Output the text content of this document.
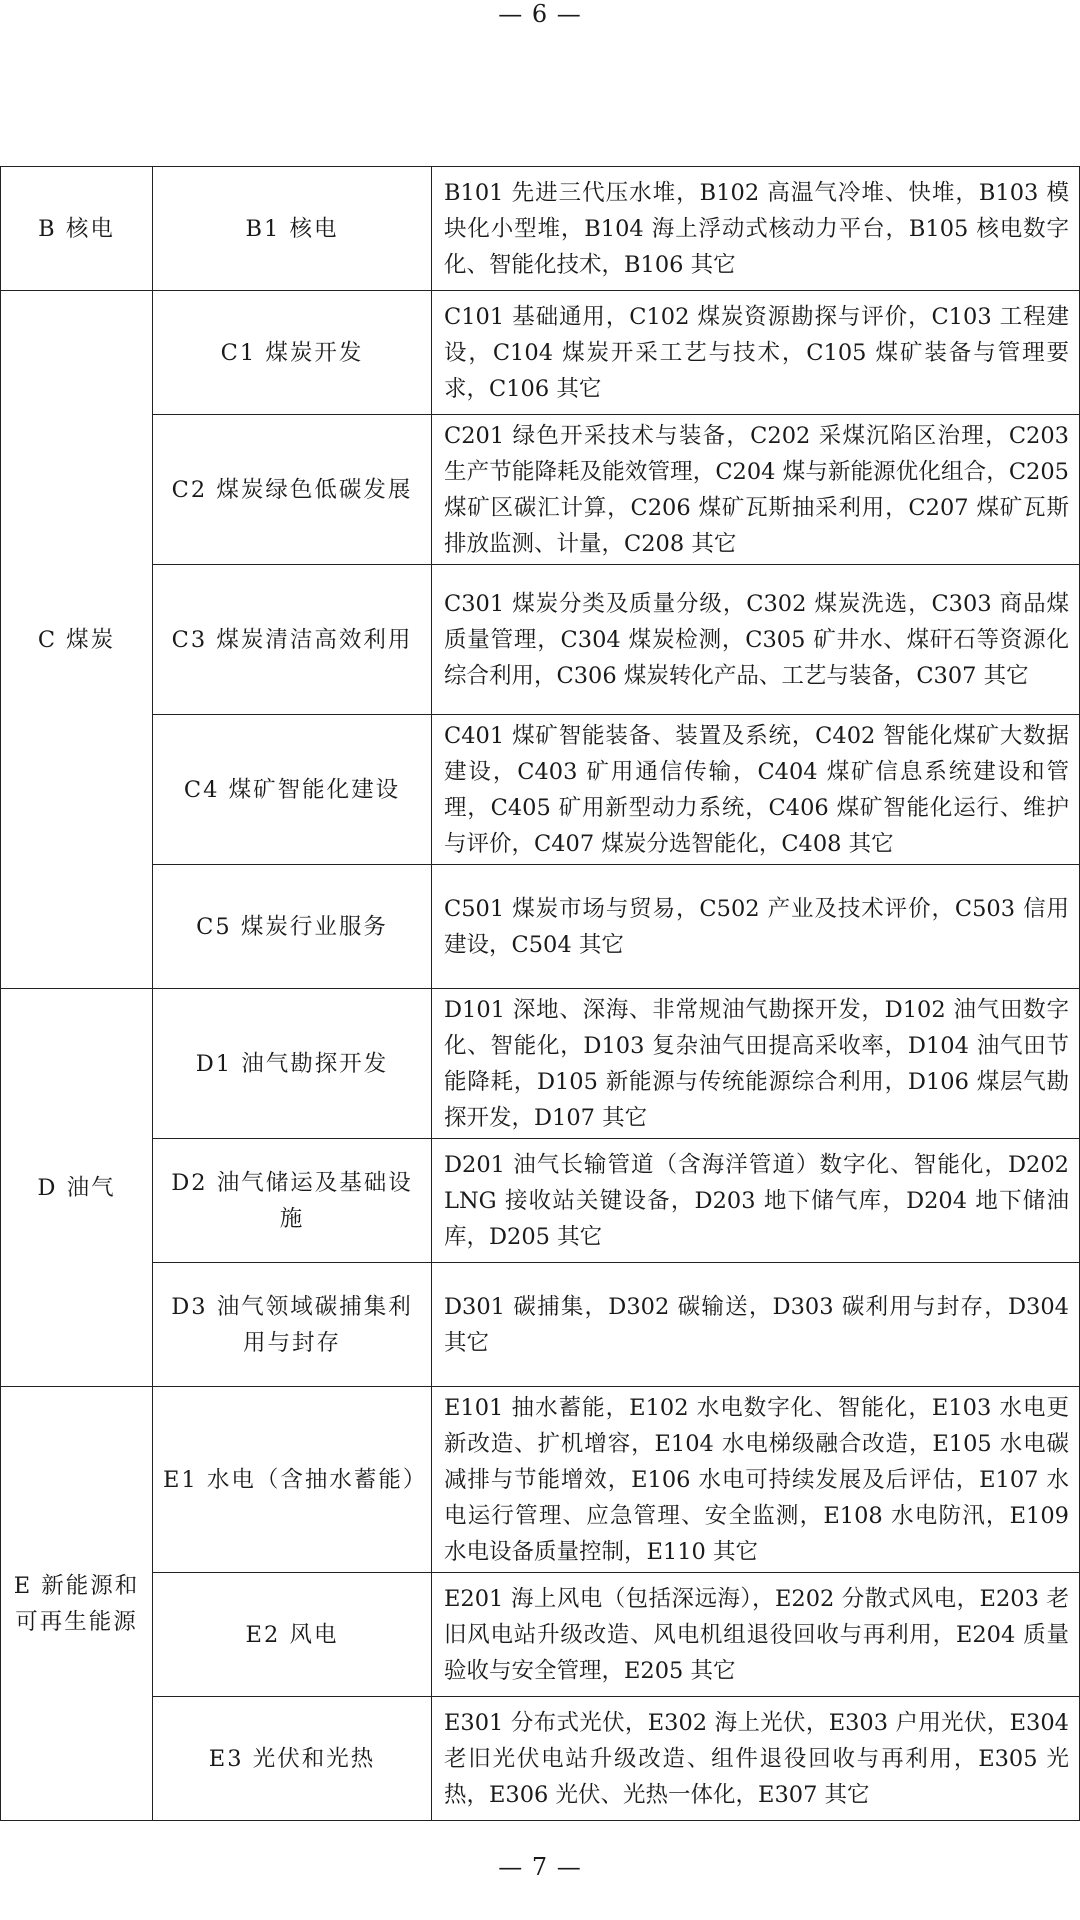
— 6 —
B 核电	B1 核电	B101 先进三代压水堆，B102 高温气冷堆、快堆，B103 模块化小型堆，B104 海上浮动式核动力平台，B105 核电数字化、智能化技术，B106 其它
C 煤炭	C1 煤炭开发	C101 基础通用，C102 煤炭资源勘探与评价，C103 工程建设，C104 煤炭开采工艺与技术，C105 煤矿装备与管理要求，C106 其它
	C2 煤炭绿色低碳发展	C201 绿色开采技术与装备，C202 采煤沉陷区治理，C203 生产节能降耗及能效管理，C204 煤与新能源优化组合，C205 煤矿区碳汇计算，C206 煤矿瓦斯抽采利用，C207 煤矿瓦斯排放监测、计量，C208 其它
	C3 煤炭清洁高效利用	C301 煤炭分类及质量分级，C302 煤炭洗选，C303 商品煤质量管理，C304 煤炭检测，C305 矿井水、煤矸石等资源化综合利用，C306 煤炭转化产品、工艺与装备，C307 其它
	C4 煤矿智能化建设	C401 煤矿智能装备、装置及系统，C402 智能化煤矿大数据建设，C403 矿用通信传输，C404 煤矿信息系统建设和管理，C405 矿用新型动力系统，C406 煤矿智能化运行、维护与评价，C407 煤炭分选智能化，C408 其它
	C5 煤炭行业服务	C501 煤炭市场与贸易，C502 产业及技术评价，C503 信用建设，C504 其它
D 油气	D1 油气勘探开发	D101 深地、深海、非常规油气勘探开发，D102 油气田数字化、智能化，D103 复杂油气田提高采收率，D104 油气田节能降耗，D105 新能源与传统能源综合利用，D106 煤层气勘探开发，D107 其它
	D2 油气储运及基础设施	D201 油气长输管道（含海洋管道）数字化、智能化，D202 LNG 接收站关键设备，D203 地下储气库，D204 地下储油库，D205 其它
	D3 油气领域碳捕集利用与封存	D301 碳捕集，D302 碳输送，D303 碳利用与封存，D304 其它
E 新能源和可再生能源	E1 水电（含抽水蓄能）	E101 抽水蓄能，E102 水电数字化、智能化，E103 水电更新改造、扩机增容，E104 水电梯级融合改造，E105 水电碳减排与节能增效，E106 水电可持续发展及后评估，E107 水电运行管理、应急管理、安全监测，E108 水电防汛，E109 水电设备质量控制，E110 其它
	E2 风电	E201 海上风电（包括深远海），E202 分散式风电，E203 老旧风电站升级改造、风电机组退役回收与再利用，E204 质量验收与安全管理，E205 其它
	E3 光伏和光热	E301 分布式光伏，E302 海上光伏，E303 户用光伏，E304 老旧光伏电站升级改造、组件退役回收与再利用，E305 光热，E306 光伏、光热一体化，E307 其它
— 7 —
